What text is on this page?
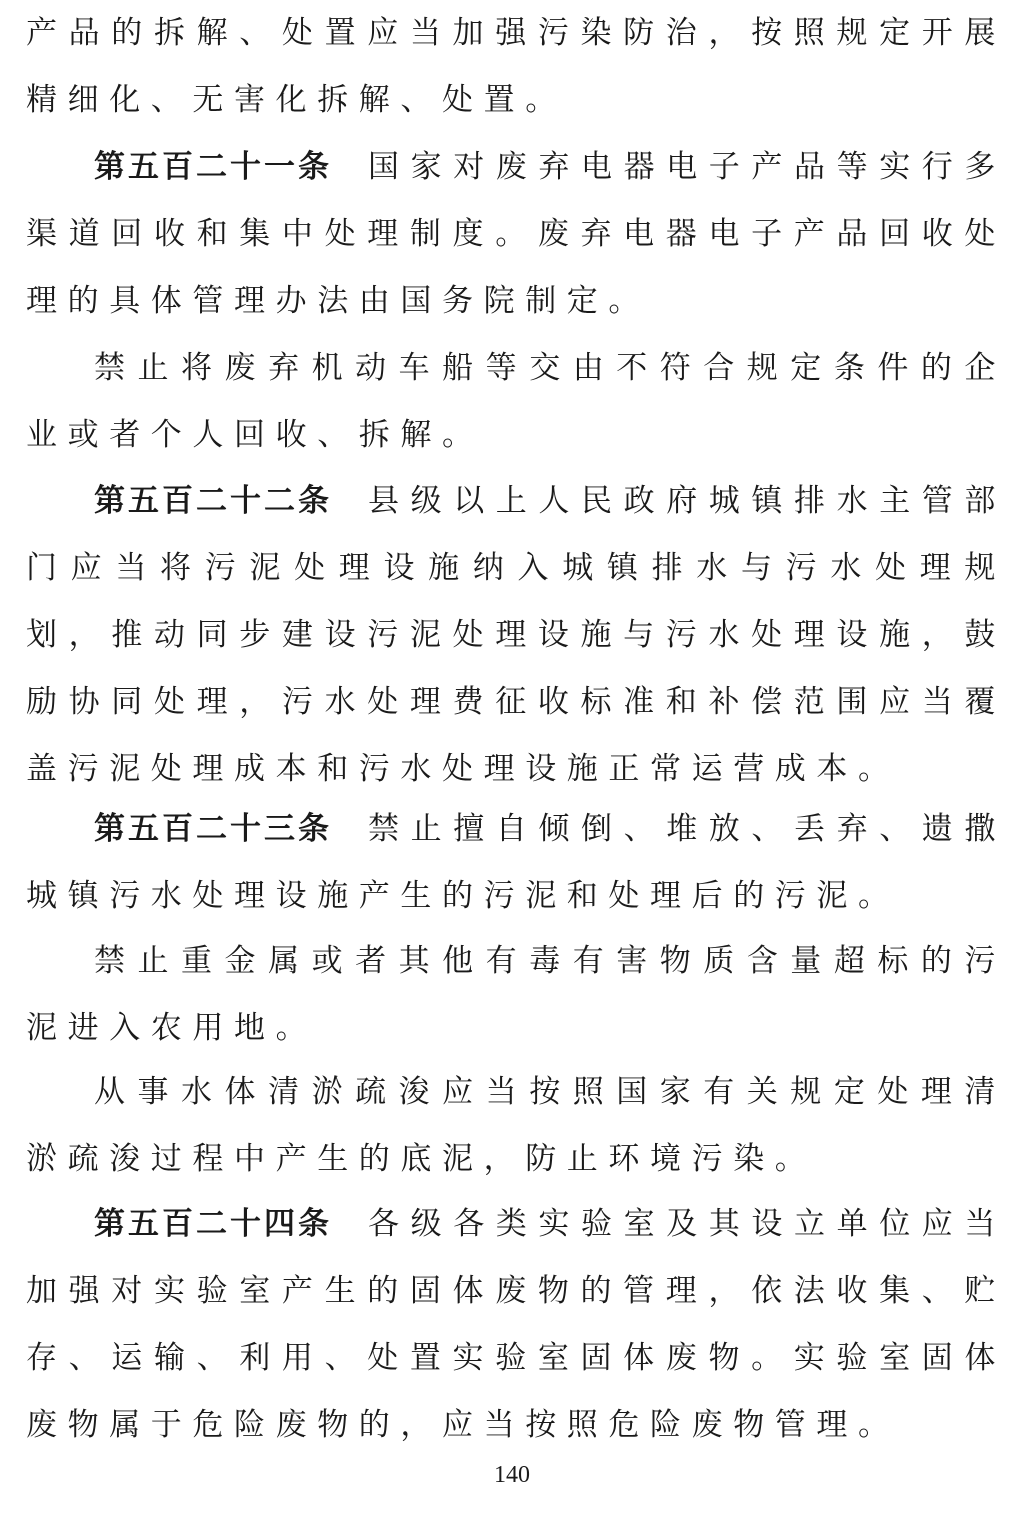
产品的拆解、处置应当加强污染防治，按照规定开展精细化、无害化拆解、处置。

第五百二十一条 国家对废弃电器电子产品等实行多渠道回收和集中处理制度。废弃电器电子产品回收处理的具体管理办法由国务院制定。

禁止将废弃机动车船等交由不符合规定条件的企业或者个人回收、拆解。

第五百二十二条 县级以上人民政府城镇排水主管部门应当将污泥处理设施纳入城镇排水与污水处理规划，推动同步建设污泥处理设施与污水处理设施，鼓励协同处理，污水处理费征收标准和补偿范围应当覆盖污泥处理成本和污水处理设施正常运营成本。

第五百二十三条 禁止擅自倾倒、堆放、丢弃、遗撒城镇污水处理设施产生的污泥和处理后的污泥。

禁止重金属或者其他有毒有害物质含量超标的污泥进入农用地。

从事水体清淤疏浚应当按照国家有关规定处理清淤疏浚过程中产生的底泥，防止环境污染。

第五百二十四条 各级各类实验室及其设立单位应当加强对实验室产生的固体废物的管理，依法收集、贮存、运输、利用、处置实验室固体废物。实验室固体废物属于危险废物的，应当按照危险废物管理。

140
